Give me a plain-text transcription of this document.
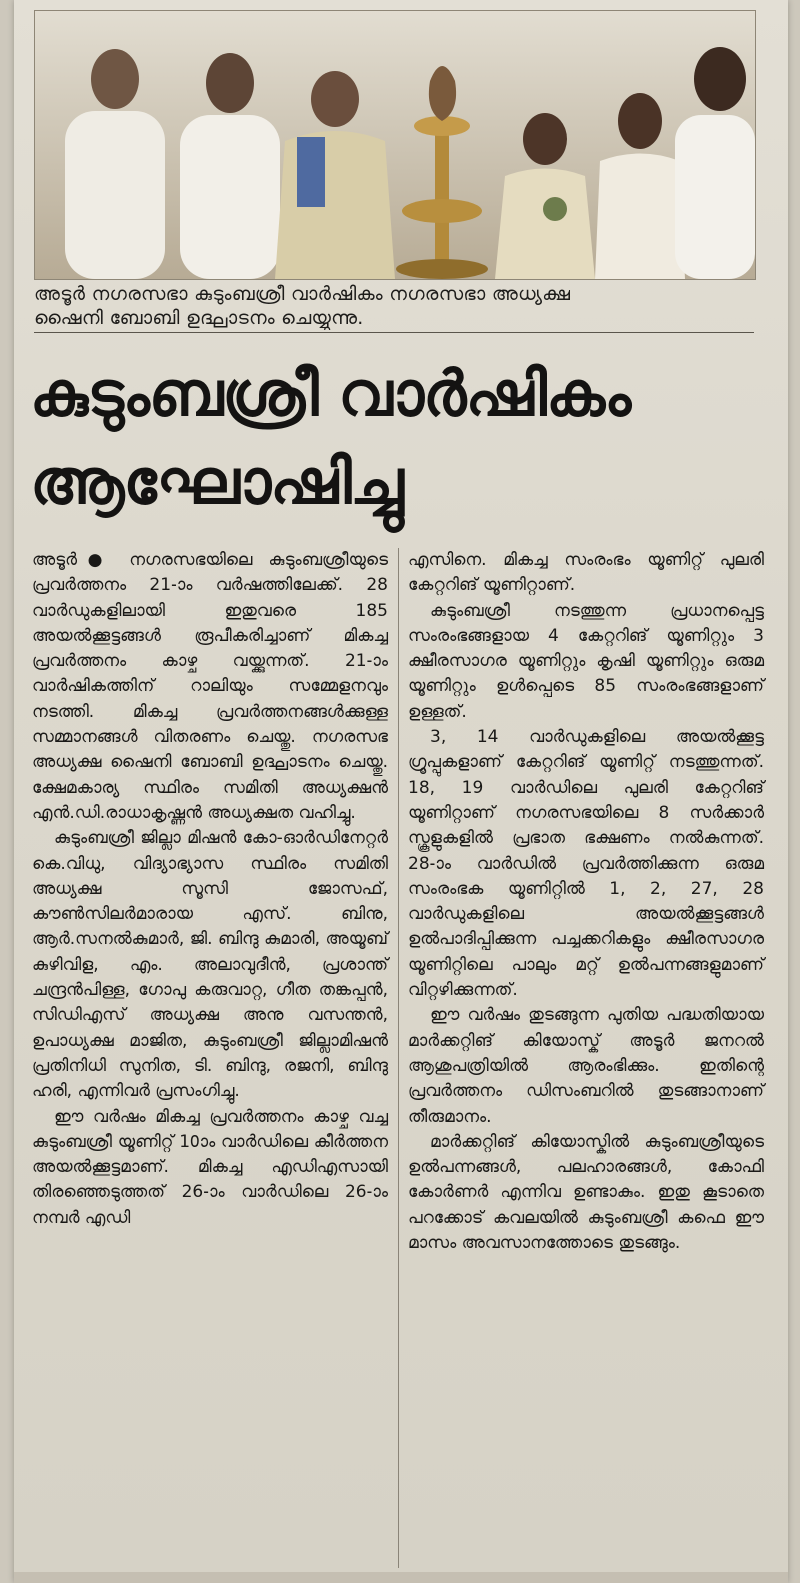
അടൂർ നഗരസഭാ കുടുംബശ്രീ വാർഷികം നഗരസഭാ അധ്യക്ഷ
ഷൈനി ബോബി ഉദ്ഘാടനം ചെയ്യുന്നു.
കുടുംബശ്രീ വാർഷികം
ആഘോഷിച്ചു

അടൂർ● നഗരസഭയിലെ കുടുംബശ്രീയുടെ പ്രവർത്തനം 21-ാം വർഷത്തിലേക്ക്. 28 വാർഡുകളിലായി ഇതുവരെ 185 അയൽക്കൂട്ടങ്ങൾ രൂപീകരിച്ചാണ് മികച്ച പ്രവർത്തനം കാഴ്ച വയ്ക്കുന്നത്. 21-ാം വാർഷികത്തിന് റാലിയും സമ്മേളനവും നടത്തി. മികച്ച പ്രവർത്തനങ്ങൾക്കുള്ള സമ്മാനങ്ങൾ വിതരണം ചെയ്തു. നഗരസഭ അധ്യക്ഷ ഷൈനി ബോബി ഉദ്ഘാടനം ചെയ്തു. ക്ഷേമകാര്യ സ്ഥിരം സമിതി അധ്യക്ഷൻ എൻ.ഡി.രാധാകൃഷ്ണൻ അധ്യക്ഷത വഹിച്ചു.

കുടുംബശ്രീ ജില്ലാ മിഷൻ കോ-ഓർഡിനേറ്റർ കെ.വിധു, വിദ്യാഭ്യാസ സ്ഥിരം സമിതി അധ്യക്ഷ സൂസി ജോസഫ്, കൗൺസിലർമാരായ എസ്. ബിനു, ആർ.സനൽകുമാർ, ജി. ബിന്ദു കുമാരി, അയൂബ് കുഴിവിള, എം. അലാവുദീൻ, പ്രശാന്ത് ചന്ദ്രൻപിള്ള, ഗോപു കരുവാറ്റ, ഗീത തങ്കപ്പൻ, സിഡിഎസ് അധ്യക്ഷ അനു വസന്തൻ, ഉപാധ്യക്ഷ മാജിത, കുടുംബശ്രീ ജില്ലാമിഷൻ പ്രതിനിധി സുനിത, ടി. ബിന്ദു, രജനി, ബിന്ദു ഹരി, എന്നിവർ പ്രസംഗിച്ചു.

ഈ വർഷം മികച്ച പ്രവർത്തനം കാഴ്ച വച്ച കുടുംബശ്രീ യൂണിറ്റ് 10ാം വാർഡിലെ കീർത്തന അയൽക്കൂട്ടമാണ്. മികച്ച എഡിഎസായി തിരഞ്ഞെടുത്തത് 26-ാം വാർഡിലെ 26-ാം നമ്പർ എഡി

എസിനെ. മികച്ച സംരംഭം യൂണിറ്റ് പുലരി കേറ്ററിങ് യൂണിറ്റാണ്.

കുടുംബശ്രീ നടത്തുന്ന പ്രധാനപ്പെട്ട സംരംഭങ്ങളായ 4 കേറ്ററിങ് യൂണിറ്റും 3 ക്ഷീരസാഗര യൂണിറ്റും കൃഷി യൂണിറ്റും ഒരുമ യൂണിറ്റും ഉൾപ്പെടെ 85 സംരംഭങ്ങളാണ് ഉള്ളത്.

3, 14 വാർഡുകളിലെ അയൽക്കൂട്ട ഗ്രൂപ്പുകളാണ് കേറ്ററിങ് യൂണിറ്റ് നടത്തുന്നത്. 18, 19 വാർഡിലെ പുലരി കേറ്ററിങ് യൂണിറ്റാണ് നഗരസഭയിലെ 8 സർക്കാർ സ്കൂളുകളിൽ പ്രഭാത ഭക്ഷണം നൽകുന്നത്. 28-ാം വാർഡിൽ പ്രവർത്തിക്കുന്ന ഒരുമ സംരംഭക യൂണിറ്റിൽ 1, 2, 27, 28 വാർഡുകളിലെ അയൽക്കൂട്ടങ്ങൾ ഉൽപാദിപ്പിക്കുന്ന പച്ചക്കറികളും ക്ഷീരസാഗര യൂണിറ്റിലെ പാലും മറ്റ് ഉൽപന്നങ്ങളുമാണ് വിറ്റഴിക്കുന്നത്.

ഈ വർഷം തുടങ്ങുന്ന പുതിയ പദ്ധതിയായ മാർക്കറ്റിങ് കിയോസ്ക് അടൂർ ജനറൽ ആശുപത്രിയിൽ ആരംഭിക്കും. ഇതിന്റെ പ്രവർത്തനം ഡിസംബറിൽ തുടങ്ങാനാണ് തീരുമാനം.

മാർക്കറ്റിങ് കിയോസ്കിൽ കുടുംബശ്രീയുടെ ഉൽപന്നങ്ങൾ, പലഹാരങ്ങൾ, കോഫി കോർണർ എന്നിവ ഉണ്ടാകും. ഇതു കൂടാതെ പറക്കോട് കവലയിൽ കുടുംബശ്രീ കഫെ ഈ മാസം അവസാനത്തോടെ തുടങ്ങും.
